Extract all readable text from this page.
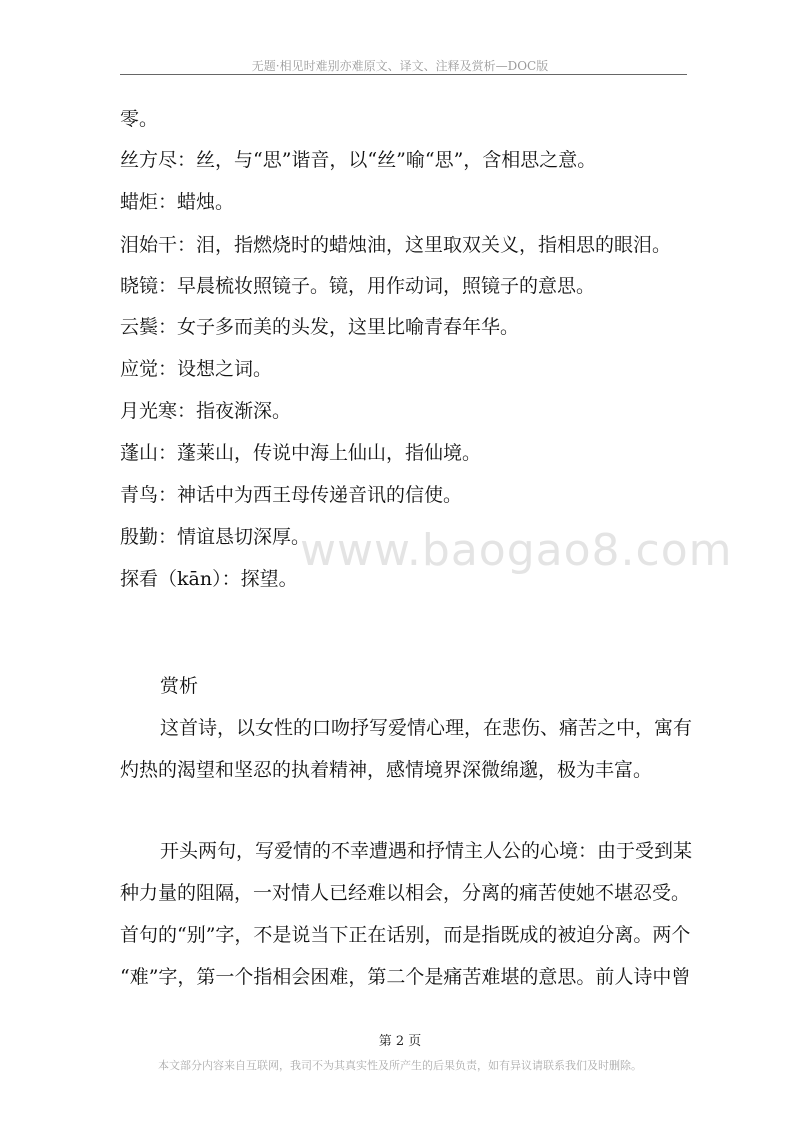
无题·相见时难别亦难原文、译文、注释及赏析—DOC版
www.baogao8.com
零。
丝方尽：丝，与“思”谐音，以“丝”喻“思”，含相思之意。
蜡炬：蜡烛。
泪始干：泪，指燃烧时的蜡烛油，这里取双关义，指相思的眼泪。
晓镜：早晨梳妆照镜子。镜，用作动词，照镜子的意思。
云鬓：女子多而美的头发，这里比喻青春年华。
应觉：设想之词。
月光寒：指夜渐深。
蓬山：蓬莱山，传说中海上仙山，指仙境。
青鸟：神话中为西王母传递音讯的信使。
殷勤：情谊恳切深厚。
探看（kān）：探望。
赏析
这首诗，以女性的口吻抒写爱情心理，在悲伤、痛苦之中，寓有
灼热的渴望和坚忍的执着精神，感情境界深微绵邈，极为丰富。
开头两句，写爱情的不幸遭遇和抒情主人公的心境：由于受到某
种力量的阻隔，一对情人已经难以相会，分离的痛苦使她不堪忍受。
首句的“别”字，不是说当下正在话别，而是指既成的被迫分离。两个
“难”字，第一个指相会困难，第二个是痛苦难堪的意思。前人诗中曾
第 2 页
本文部分内容来自互联网，我司不为其真实性及所产生的后果负责，如有异议请联系我们及时删除。
